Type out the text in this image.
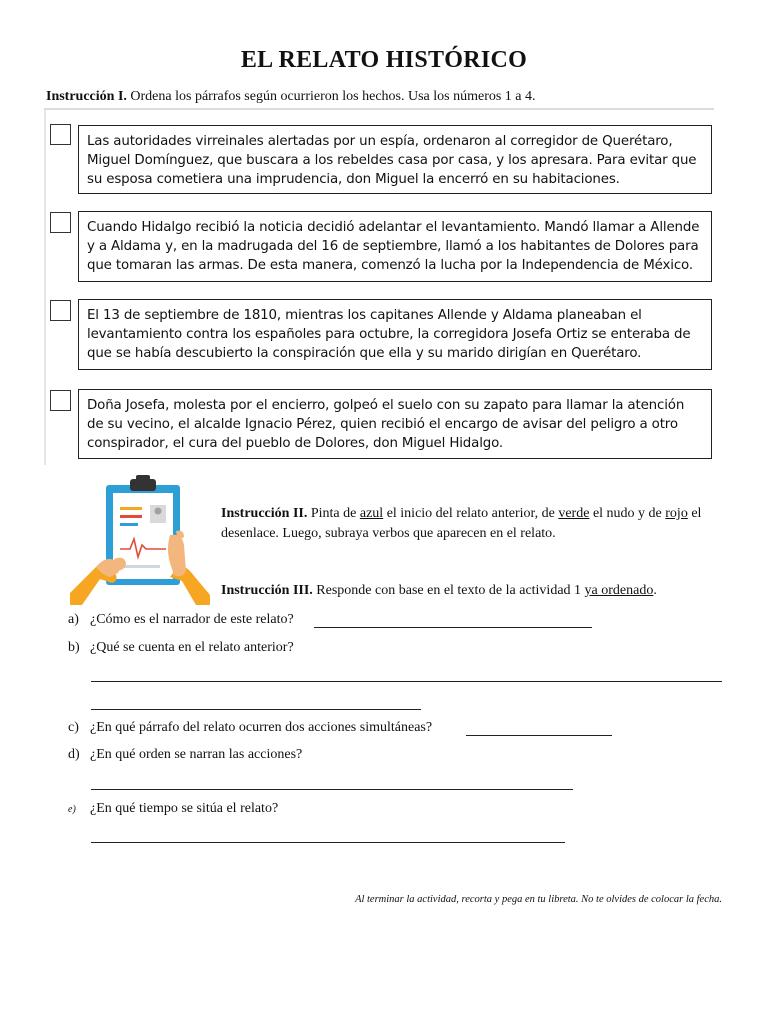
EL RELATO HISTÓRICO
Instrucción I. Ordena los párrafos según ocurrieron los hechos. Usa los números 1 a 4.
Las autoridades virreinales alertadas por un espía, ordenaron al corregidor de Querétaro, Miguel Domínguez, que buscara a los rebeldes casa por casa, y los apresara. Para evitar que su esposa cometiera una imprudencia, don Miguel la encerró en su habitaciones.
Cuando Hidalgo recibió la noticia decidió adelantar el levantamiento. Mandó llamar a Allende y a Aldama y, en la madrugada del 16 de septiembre, llamó a los habitantes de Dolores para que tomaran las armas. De esta manera, comenzó la lucha por la Independencia de México.
El 13 de septiembre de 1810, mientras los capitanes Allende y Aldama planeaban el levantamiento contra los españoles para octubre, la corregidora Josefa Ortiz se enteraba de que se había descubierto la conspiración que ella y su marido dirigían en Querétaro.
Doña Josefa, molesta por el encierro, golpeó el suelo con su zapato para llamar la atención de su vecino, el alcalde Ignacio Pérez, quien recibió el encargo de avisar del peligro a otro conspirador, el cura del pueblo de Dolores, don Miguel Hidalgo.
Instrucción II. Pinta de azul el inicio del relato anterior, de verde el nudo y de rojo el desenlace. Luego, subraya verbos que aparecen en el relato.
Instrucción III. Responde con base en el texto de la actividad 1 ya ordenado.
a) ¿Cómo es el narrador de este relato?
b) ¿Qué se cuenta en el relato anterior?
c) ¿En qué párrafo del relato ocurren dos acciones simultáneas?
d) ¿En qué orden se narran las acciones?
e) ¿En qué tiempo se sitúa el relato?
Al terminar la actividad, recorta y pega en tu libreta. No te olvides de colocar la fecha.
